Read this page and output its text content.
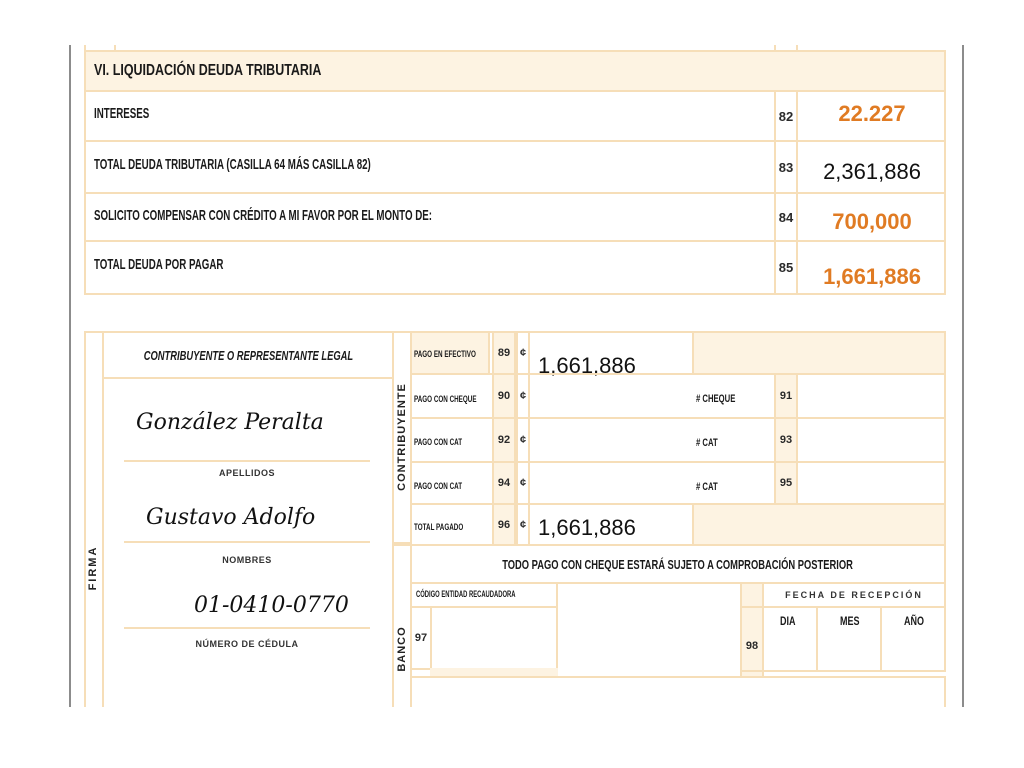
VI. LIQUIDACIÓN DEUDA TRIBUTARIA
INTERESES	82	22.227
TOTAL DEUDA TRIBUTARIA (CASILLA 64 MÁS CASILLA 82)	83	2,361,886
SOLICITO COMPENSAR CON CRÉDITO A MI FAVOR POR EL MONTO DE:	84	700,000
TOTAL DEUDA POR PAGAR	85	1,661,886
FIRMA
CONTRIBUYENTE O REPRESENTANTE LEGAL
González Peralta
APELLIDOS
Gustavo Adolfo
NOMBRES
01-0410-0770
NÚMERO DE CÉDULA
CONTRIBUYENTE
BANCO
PAGO EN EFECTIVO	89 ¢ 1,661,886
PAGO CON CHEQUE	90 ¢	# CHEQUE	91
PAGO CON CAT	92 ¢	# CAT	93
PAGO CON CAT	94 ¢	# CAT	95
TOTAL PAGADO	96 ¢ 1,661,886
TODO PAGO CON CHEQUE ESTARÁ SUJETO A COMPROBACIÓN POSTERIOR
CÓDIGO ENTIDAD RECAUDADORA
97
FECHA DE RECEPCIÓN
98
DIA	MES	AÑO
